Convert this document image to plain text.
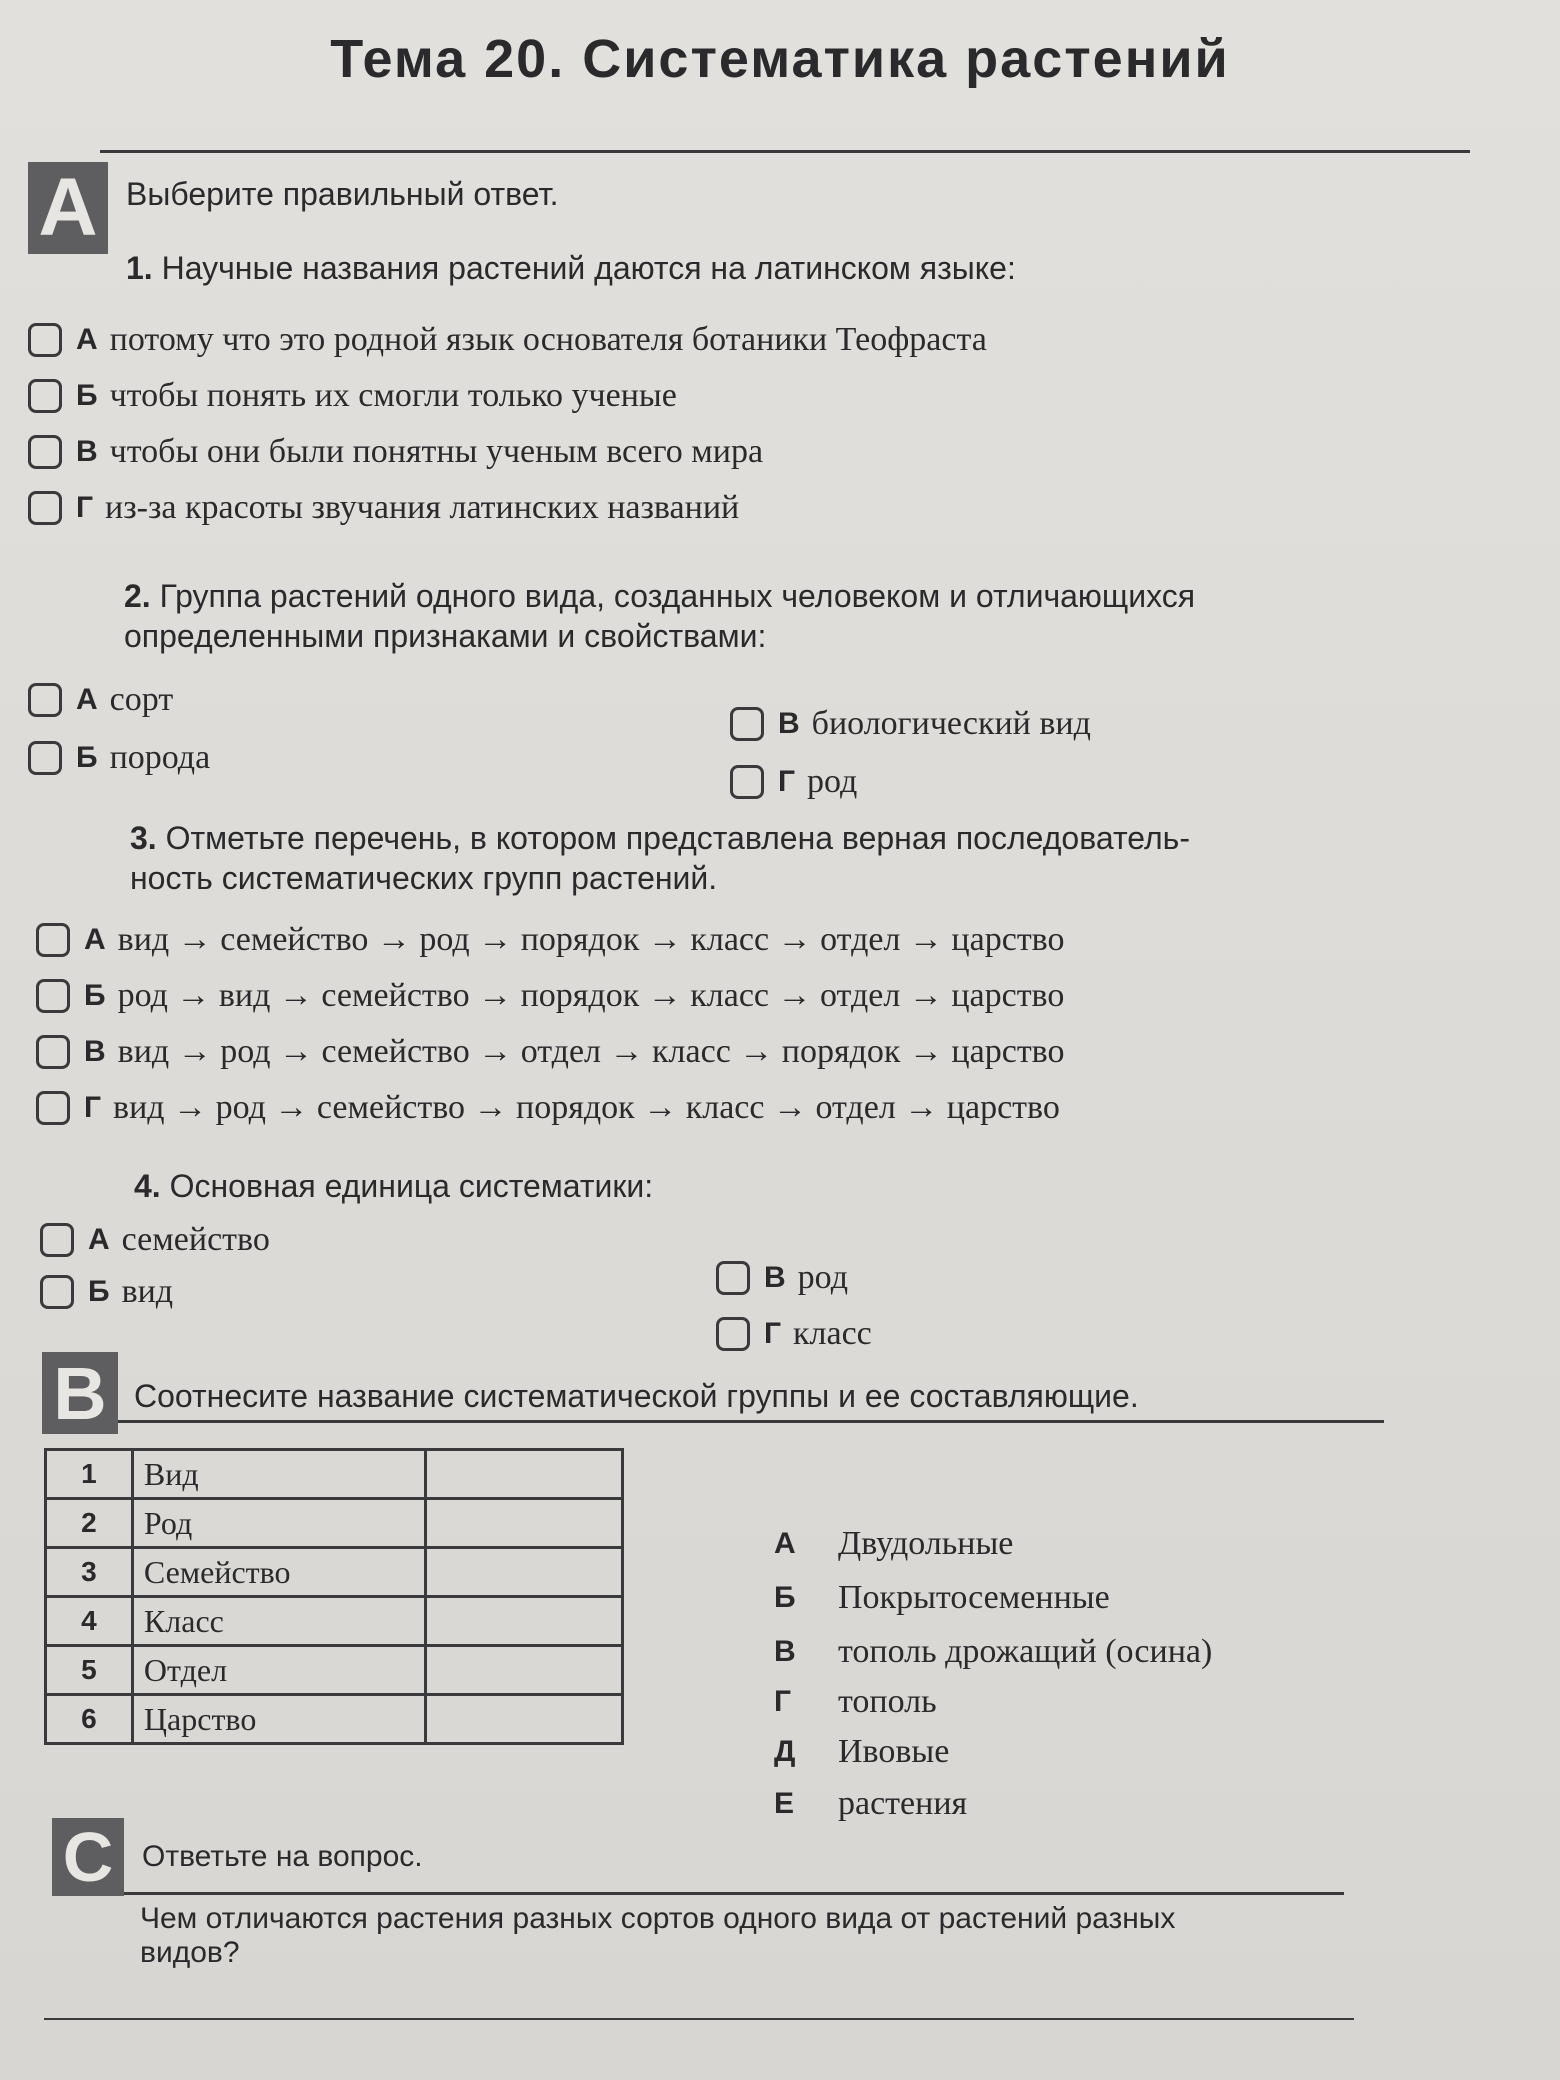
Тема 20. Систематика растений
A Выберите правильный ответ.
1. Научные названия растений даются на латинском языке:
А потому что это родной язык основателя ботаники Теофраста
Б чтобы понять их смогли только ученые
В чтобы они были понятны ученым всего мира
Г из-за красоты звучания латинских названий
2. Группа растений одного вида, созданных человеком и отличающихся
определенными признаками и свойствами:
А сорт
Б порода
В биологический вид
Г род
3. Отметьте перечень, в котором представлена верная последователь-
ность систематических групп растений.
А вид → семейство → род → порядок → класс → отдел → царство
Б род → вид → семейство → порядок → класс → отдел → царство
В вид → род → семейство → отдел → класс → порядок → царство
Г вид → род → семейство → порядок → класс → отдел → царство
4. Основная единица систематики:
А семейство
Б вид	В род
Г класс
B Соотнесите название систематической группы и ее составляющие.
1	Вид	
2	Род	
3	Семейство	
4	Класс	
5	Отдел	
6	Царство	
А	Двудольные
Б	Покрытосеменные
В	тополь дрожащий (осина)
Г	тополь
Д	Ивовые
Е	растения
C Ответьте на вопрос.
Чем отличаются растения разных сортов одного вида от растений разных
видов?
